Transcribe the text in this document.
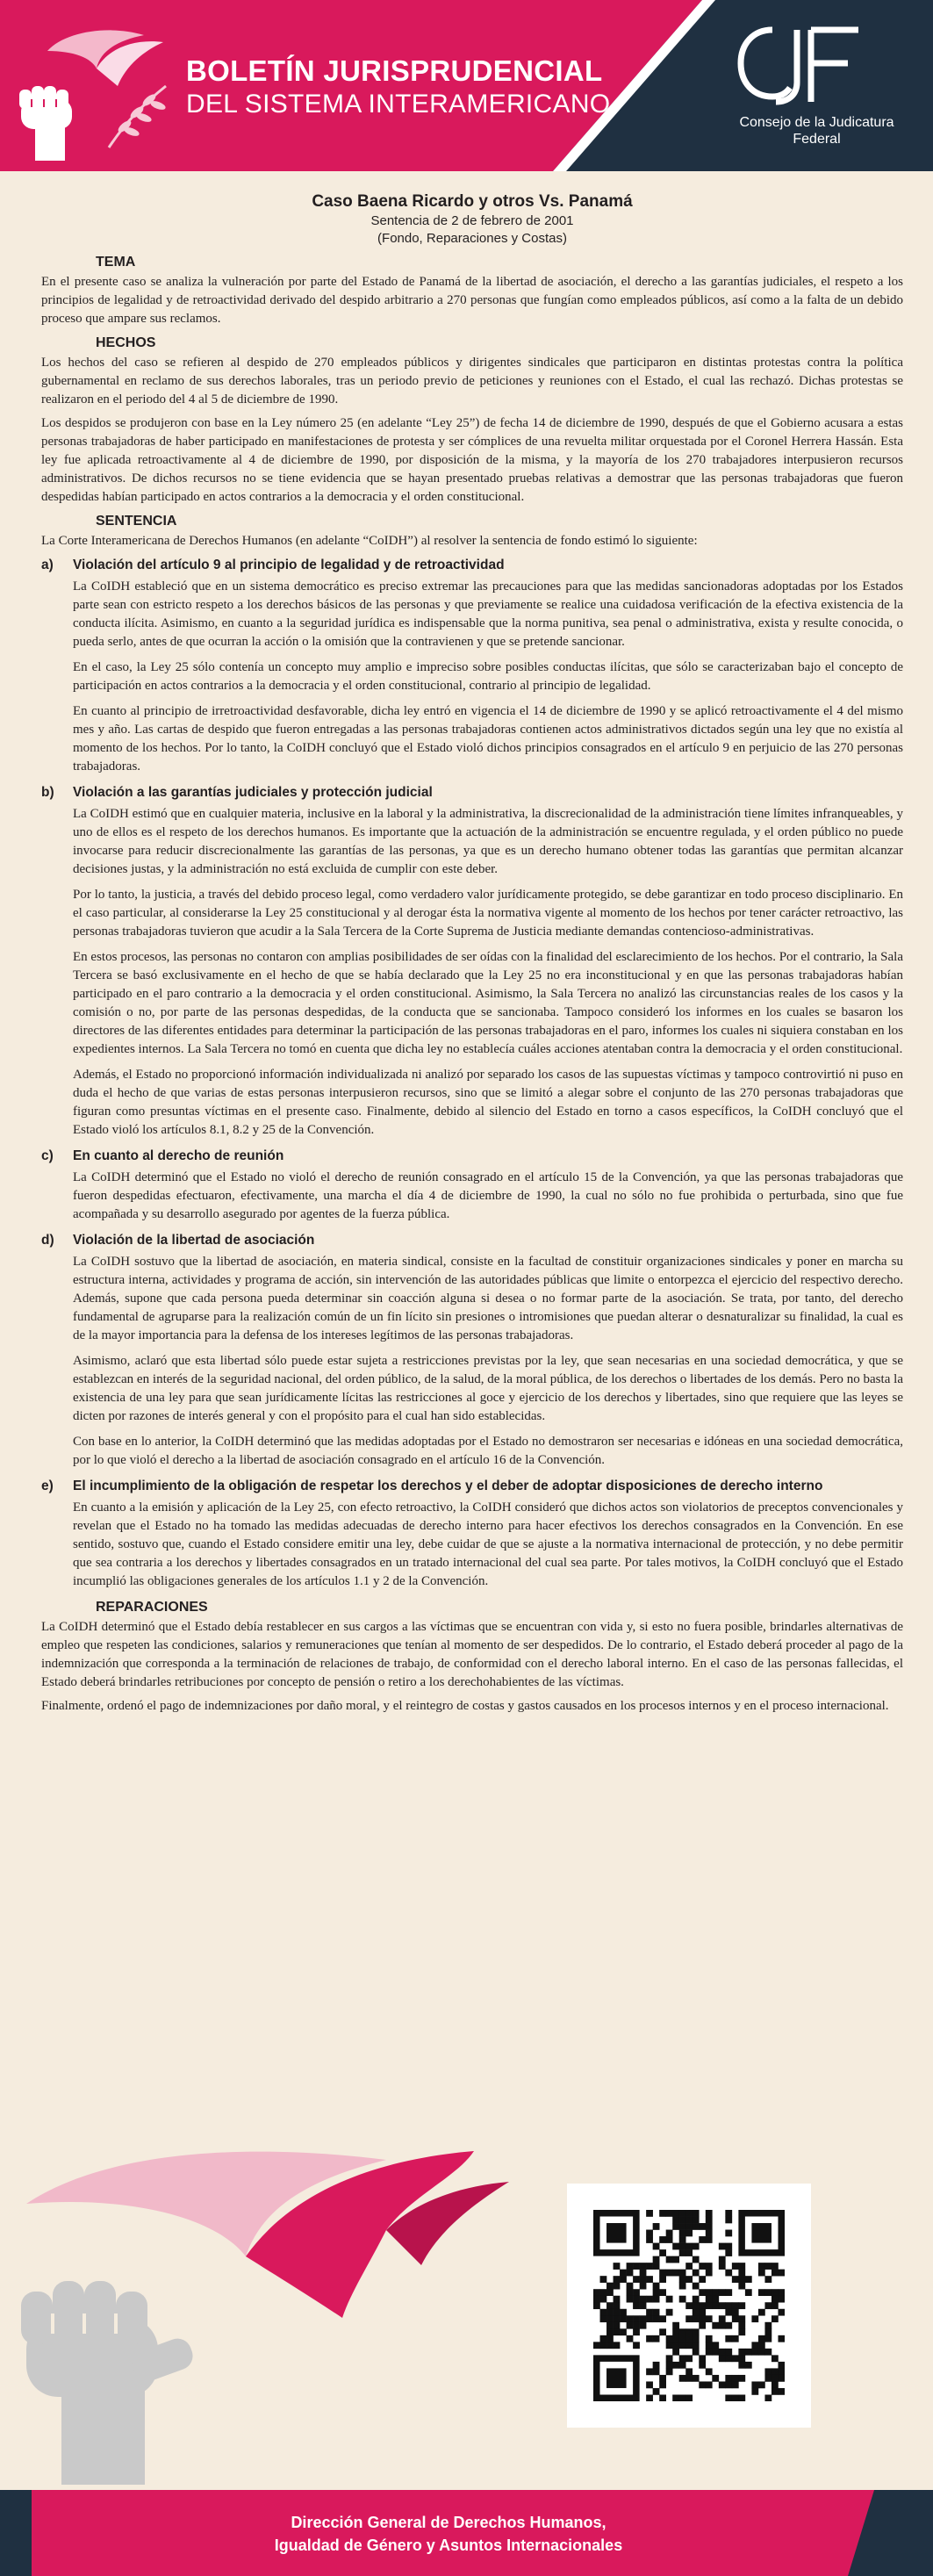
BOLETÍN JURISPRUDENCIAL
DEL SISTEMA INTERAMERICANO
Consejo de la Judicatura Federal
Caso Baena Ricardo y otros Vs. Panamá
Sentencia de 2 de febrero de 2001
(Fondo, Reparaciones y Costas)
TEMA

En el presente caso se analiza la vulneración por parte del Estado de Panamá de la libertad de asociación, el derecho a las garantías judiciales, el respeto a los principios de legalidad y de retroactividad derivado del despido arbitrario a 270 personas que fungían como empleados públicos, así como a la falta de un debido proceso que ampare sus reclamos.

HECHOS

Los hechos del caso se refieren al despido de 270 empleados públicos y dirigentes sindicales que participaron en distintas protestas contra la política gubernamental en reclamo de sus derechos laborales, tras un periodo previo de peticiones y reuniones con el Estado, el cual las rechazó. Dichas protestas se realizaron en el periodo del 4 al 5 de diciembre de 1990.

Los despidos se produjeron con base en la Ley número 25 (en adelante “Ley 25”) de fecha 14 de diciembre de 1990, después de que el Gobierno acusara a estas personas trabajadoras de haber participado en manifestaciones de protesta y ser cómplices de una revuelta militar orquestada por el Coronel Herrera Hassán. Esta ley fue aplicada retroactivamente al 4 de diciembre de 1990, por disposición de la misma, y la mayoría de los 270 trabajadores interpusieron recursos administrativos. De dichos recursos no se tiene evidencia que se hayan presentado pruebas relativas a demostrar que las personas trabajadoras que fueron despedidas habían participado en actos contrarios a la democracia y el orden constitucional.

SENTENCIA

La Corte Interamericana de Derechos Humanos (en adelante “CoIDH”) al resolver la sentencia de fondo estimó lo siguiente:

a)	Violación del artículo 9 al principio de legalidad y de retroactividad

La CoIDH estableció que en un sistema democrático es preciso extremar las precauciones para que las medidas sancionadoras adoptadas por los Estados parte sean con estricto respeto a los derechos básicos de las personas y que previamente se realice una cuidadosa verificación de la efectiva existencia de la conducta ilícita. Asimismo, en cuanto a la seguridad jurídica es indispensable que la norma punitiva, sea penal o administrativa, exista y resulte conocida, o pueda serlo, antes de que ocurran la acción o la omisión que la contravienen y que se pretende sancionar.

En el caso, la Ley 25 sólo contenía un concepto muy amplio e impreciso sobre posibles conductas ilícitas, que sólo se caracterizaban bajo el concepto de participación en actos contrarios a la democracia y el orden constitucional, contrario al principio de legalidad.

En cuanto al principio de irretroactividad desfavorable, dicha ley entró en vigencia el 14 de diciembre de 1990 y se aplicó retroactivamente el 4 del mismo mes y año. Las cartas de despido que fueron entregadas a las personas trabajadoras contienen actos administrativos dictados según una ley que no existía al momento de los hechos. Por lo tanto, la CoIDH concluyó que el Estado violó dichos principios consagrados en el artículo 9 en perjuicio de las 270 personas trabajadoras.

b)	Violación a las garantías judiciales y protección judicial

La CoIDH estimó que en cualquier materia, inclusive en la laboral y la administrativa, la discrecionalidad de la administración tiene límites infranqueables, y uno de ellos es el respeto de los derechos humanos. Es importante que la actuación de la administración se encuentre regulada, y el orden público no puede invocarse para reducir discrecionalmente las garantías de las personas, ya que es un derecho humano obtener todas las garantías que permitan alcanzar decisiones justas, y la administración no está excluida de cumplir con este deber.

Por lo tanto, la justicia, a través del debido proceso legal, como verdadero valor jurídicamente protegido, se debe garantizar en todo proceso disciplinario. En el caso particular, al considerarse la Ley 25 constitucional y al derogar ésta la normativa vigente al momento de los hechos por tener carácter retroactivo, las personas trabajadoras tuvieron que acudir a la Sala Tercera de la Corte Suprema de Justicia mediante demandas contencioso-administrativas.

En estos procesos, las personas no contaron con amplias posibilidades de ser oídas con la finalidad del esclarecimiento de los hechos. Por el contrario, la Sala Tercera se basó exclusivamente en el hecho de que se había declarado que la Ley 25 no era inconstitucional y en que las personas trabajadoras habían participado en el paro contrario a la democracia y el orden constitucional. Asimismo, la Sala Tercera no analizó las circunstancias reales de los casos y la comisión o no, por parte de las personas despedidas, de la conducta que se sancionaba. Tampoco consideró los informes en los cuales se basaron los directores de las diferentes entidades para determinar la participación de las personas trabajadoras en el paro, informes los cuales ni siquiera constaban en los expedientes internos. La Sala Tercera no tomó en cuenta que dicha ley no establecía cuáles acciones atentaban contra la democracia y el orden constitucional.

Además, el Estado no proporcionó información individualizada ni analizó por separado los casos de las supuestas víctimas y tampoco controvirtió ni puso en duda el hecho de que varias de estas personas interpusieron recursos, sino que se limitó a alegar sobre el conjunto de las 270 personas trabajadoras que figuran como presuntas víctimas en el presente caso. Finalmente, debido al silencio del Estado en torno a casos específicos, la CoIDH concluyó que el Estado violó los artículos 8.1, 8.2 y 25 de la Convención.

c)	En cuanto al derecho de reunión

La CoIDH determinó que el Estado no violó el derecho de reunión consagrado en el artículo 15 de la Convención, ya que las personas trabajadoras que fueron despedidas efectuaron, efectivamente, una marcha el día 4 de diciembre de 1990, la cual no sólo no fue prohibida o perturbada, sino que fue acompañada y su desarrollo asegurado por agentes de la fuerza pública.

d)	Violación de la libertad de asociación

La CoIDH sostuvo que la libertad de asociación, en materia sindical, consiste en la facultad de constituir organizaciones sindicales y poner en marcha su estructura interna, actividades y programa de acción, sin intervención de las autoridades públicas que limite o entorpezca el ejercicio del respectivo derecho. Además, supone que cada persona pueda determinar sin coacción alguna si desea o no formar parte de la asociación. Se trata, por tanto, del derecho fundamental de agruparse para la realización común de un fin lícito sin presiones o intromisiones que puedan alterar o desnaturalizar su finalidad, la cual es de la mayor importancia para la defensa de los intereses legítimos de las personas trabajadoras.

Asimismo, aclaró que esta libertad sólo puede estar sujeta a restricciones previstas por la ley, que sean necesarias en una sociedad democrática, y que se establezcan en interés de la seguridad nacional, del orden público, de la salud, de la moral pública, de los derechos o libertades de los demás. Pero no basta la existencia de una ley para que sean jurídicamente lícitas las restricciones al goce y ejercicio de los derechos y libertades, sino que requiere que las leyes se dicten por razones de interés general y con el propósito para el cual han sido establecidas.

Con base en lo anterior, la CoIDH determinó que las medidas adoptadas por el Estado no demostraron ser necesarias e idóneas en una sociedad democrática, por lo que violó el derecho a la libertad de asociación consagrado en el artículo 16 de la Convención.

e)	El incumplimiento de la obligación de respetar los derechos y el deber de adoptar disposiciones de derecho interno

En cuanto a la emisión y aplicación de la Ley 25, con efecto retroactivo, la CoIDH consideró que dichos actos son violatorios de preceptos convencionales y revelan que el Estado no ha tomado las medidas adecuadas de derecho interno para hacer efectivos los derechos consagrados en la Convención. En ese sentido, sostuvo que, cuando el Estado considere emitir una ley, debe cuidar de que se ajuste a la normativa internacional de protección, y no debe permitir que sea contraria a los derechos y libertades consagrados en un tratado internacional del cual sea parte. Por tales motivos, la CoIDH concluyó que el Estado incumplió las obligaciones generales de los artículos 1.1 y 2 de la Convención.

REPARACIONES

La CoIDH determinó que el Estado debía restablecer en sus cargos a las víctimas que se encuentran con vida y, si esto no fuera posible, brindarles alternativas de empleo que respeten las condiciones, salarios y remuneraciones que tenían al momento de ser despedidos. De lo contrario, el Estado deberá proceder al pago de la indemnización que corresponda a la terminación de relaciones de trabajo, de conformidad con el derecho laboral interno. En el caso de las personas fallecidas, el Estado deberá brindarles retribuciones por concepto de pensión o retiro a los derechohabientes de las víctimas.

Finalmente, ordenó el pago de indemnizaciones por daño moral, y el reintegro de costas y gastos causados en los procesos internos y en el proceso internacional.

Dirección General de Derechos Humanos,
Igualdad de Género y Asuntos Internacionales
